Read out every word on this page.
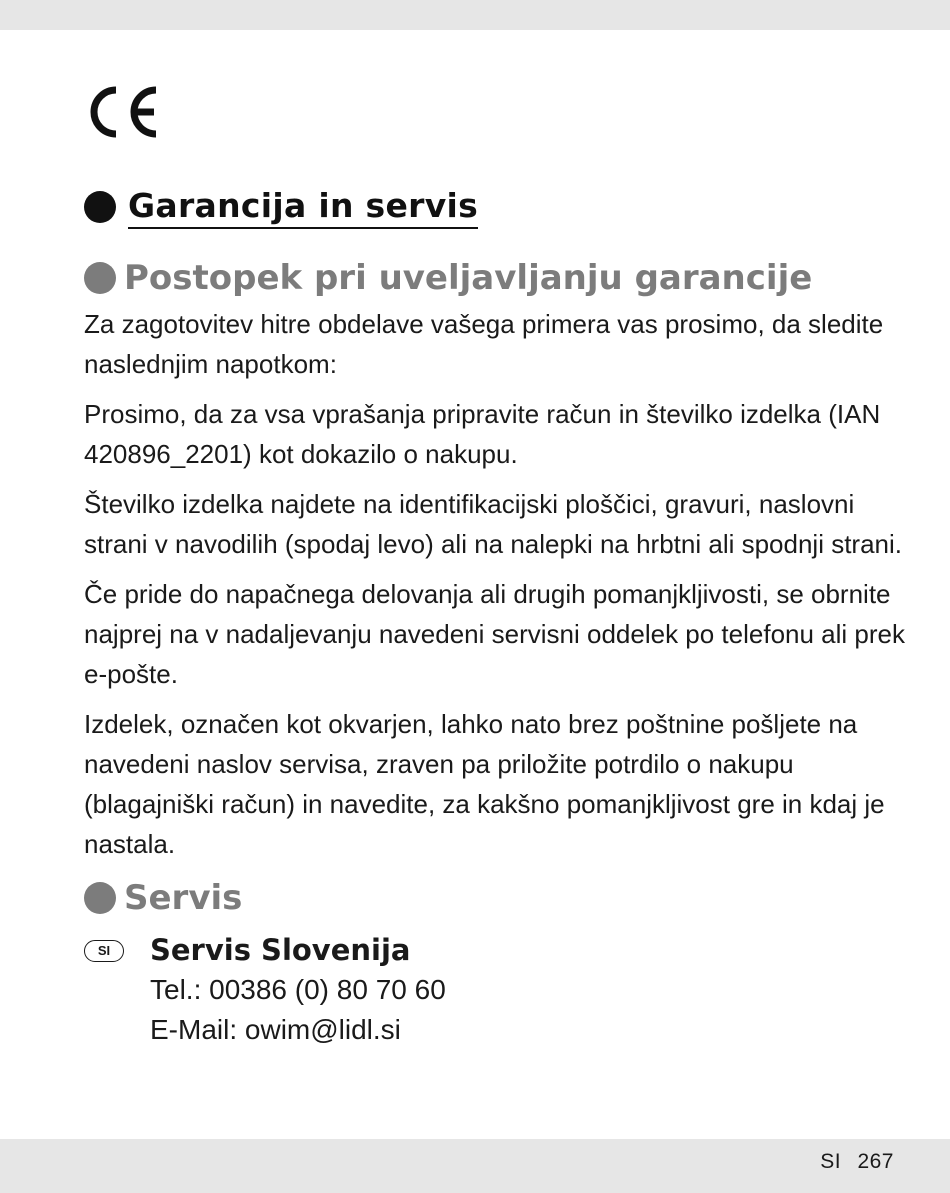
Garancija in servis
Postopek pri uveljavljanju garancije

Za zagotovitev hitre obdelave vašega primera vas prosimo, da sledite naslednjim napotkom:

Prosimo, da za vsa vprašanja pripravite račun in številko izdelka (IAN 420896_2201) kot dokazilo o nakupu.

Številko izdelka najdete na identifikacijski ploščici, gravuri, naslovni strani v navodilih (spodaj levo) ali na nalepki na hrbtni ali spodnji strani.

Če pride do napačnega delovanja ali drugih pomanjkljivosti, se obrnite najprej na v nadaljevanju navedeni servisni oddelek po telefonu ali prek e-pošte.

Izdelek, označen kot okvarjen, lahko nato brez poštnine pošljete na navedeni naslov servisa, zraven pa priložite potrdilo o nakupu (blagajniški račun) in navedite, za kakšno pomanjkljivost gre in kdaj je nastala.

Servis
SI	Servis Slovenija

Tel.: 00386 (0) 80 70 60

E-Mail: owim@lidl.si

SI 267
